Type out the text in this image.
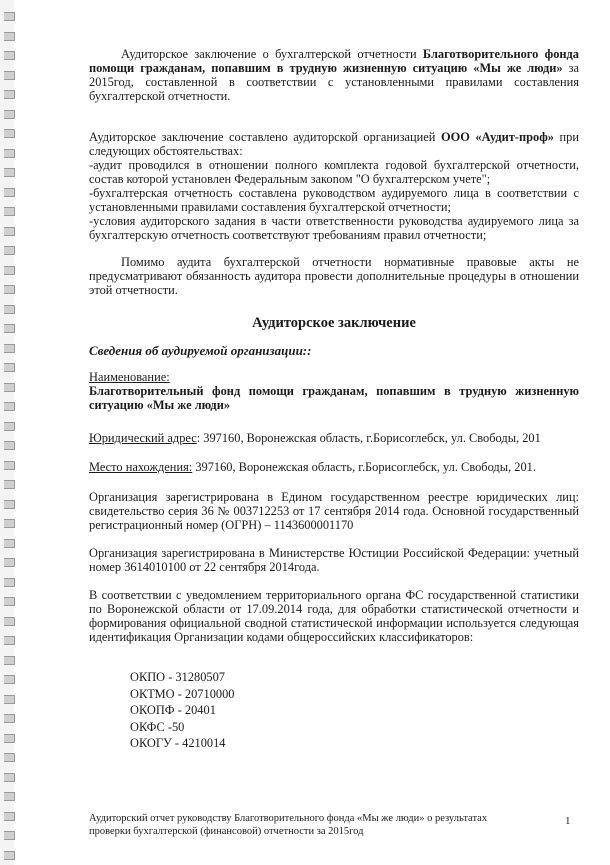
Аудиторское заключение о бухгалтерской отчетности Благотворительного фонда помощи гражданам, попавшим в трудную жизненную ситуацию «Мы же люди» за 2015год, составленной в соответствии с установленными правилами составления бухгалтерской отчетности.
Аудиторское заключение составлено аудиторской организацией ООО «Аудит-проф» при следующих обстоятельствах:
-аудит проводился в отношении полного комплекта годовой бухгалтерской отчетности, состав которой установлен Федеральным закоnом "О бухгалтерском учете";
-бухгалтерская отчетность составлена руководством аудируемого лица в соответствии с установленными правилами составления бухгалтерской отчетности;
-условия аудиторского задания в части ответственности руководства аудируемого лица за бухгалтерскую отчетность соответствуют требованиям правил отчетности;
Помимо аудита бухгалтерской отчетности нормативные правовые акты не предусматривают обязанность аудитора провести дополнительные процедуры в отношении этой отчетности.
Аудиторское заключение
Сведения об аудируемой организации::
Наименование:
Благотворительный фонд помощи гражданам, попавшим в трудную жизненную ситуацию «Мы же люди»
Юридический адрес: 397160, Воронежская область, г.Борисоглебск, ул. Свободы, 201
Место нахождения: 397160, Воронежская область, г.Борисоглебск, ул. Свободы, 201.
Организация зарегистрирована в Едином государственном реестре юридических лиц: свидетельство серия 36 № 003712253 от 17 сентября 2014 года. Основной государственный регистрационный номер (ОГРН) – 1143600001170
Организация зарегистрирована в Министерстве Юстиции Российской Федерации: учетный номер 3614010100 от 22 сентября 2014года.
В соответствии с уведомлением территориального органа ФС государственной статистики по Воронежской области от 17.09.2014 года, для обработки статистической отчетности и формирования официальной сводной статистической информации используется следующая идентификация Организации кодами общероссийских классификаторов:
ОКПО - 31280507
ОКТМО - 20710000
ОКОПФ - 20401
ОКФС -50
ОКОГУ - 4210014
Аудиторский отчет руководству Благотворительного фонда «Мы же люди» о результатах проверки бухгалтерской (финансовой) отчетности за 2015год
1
